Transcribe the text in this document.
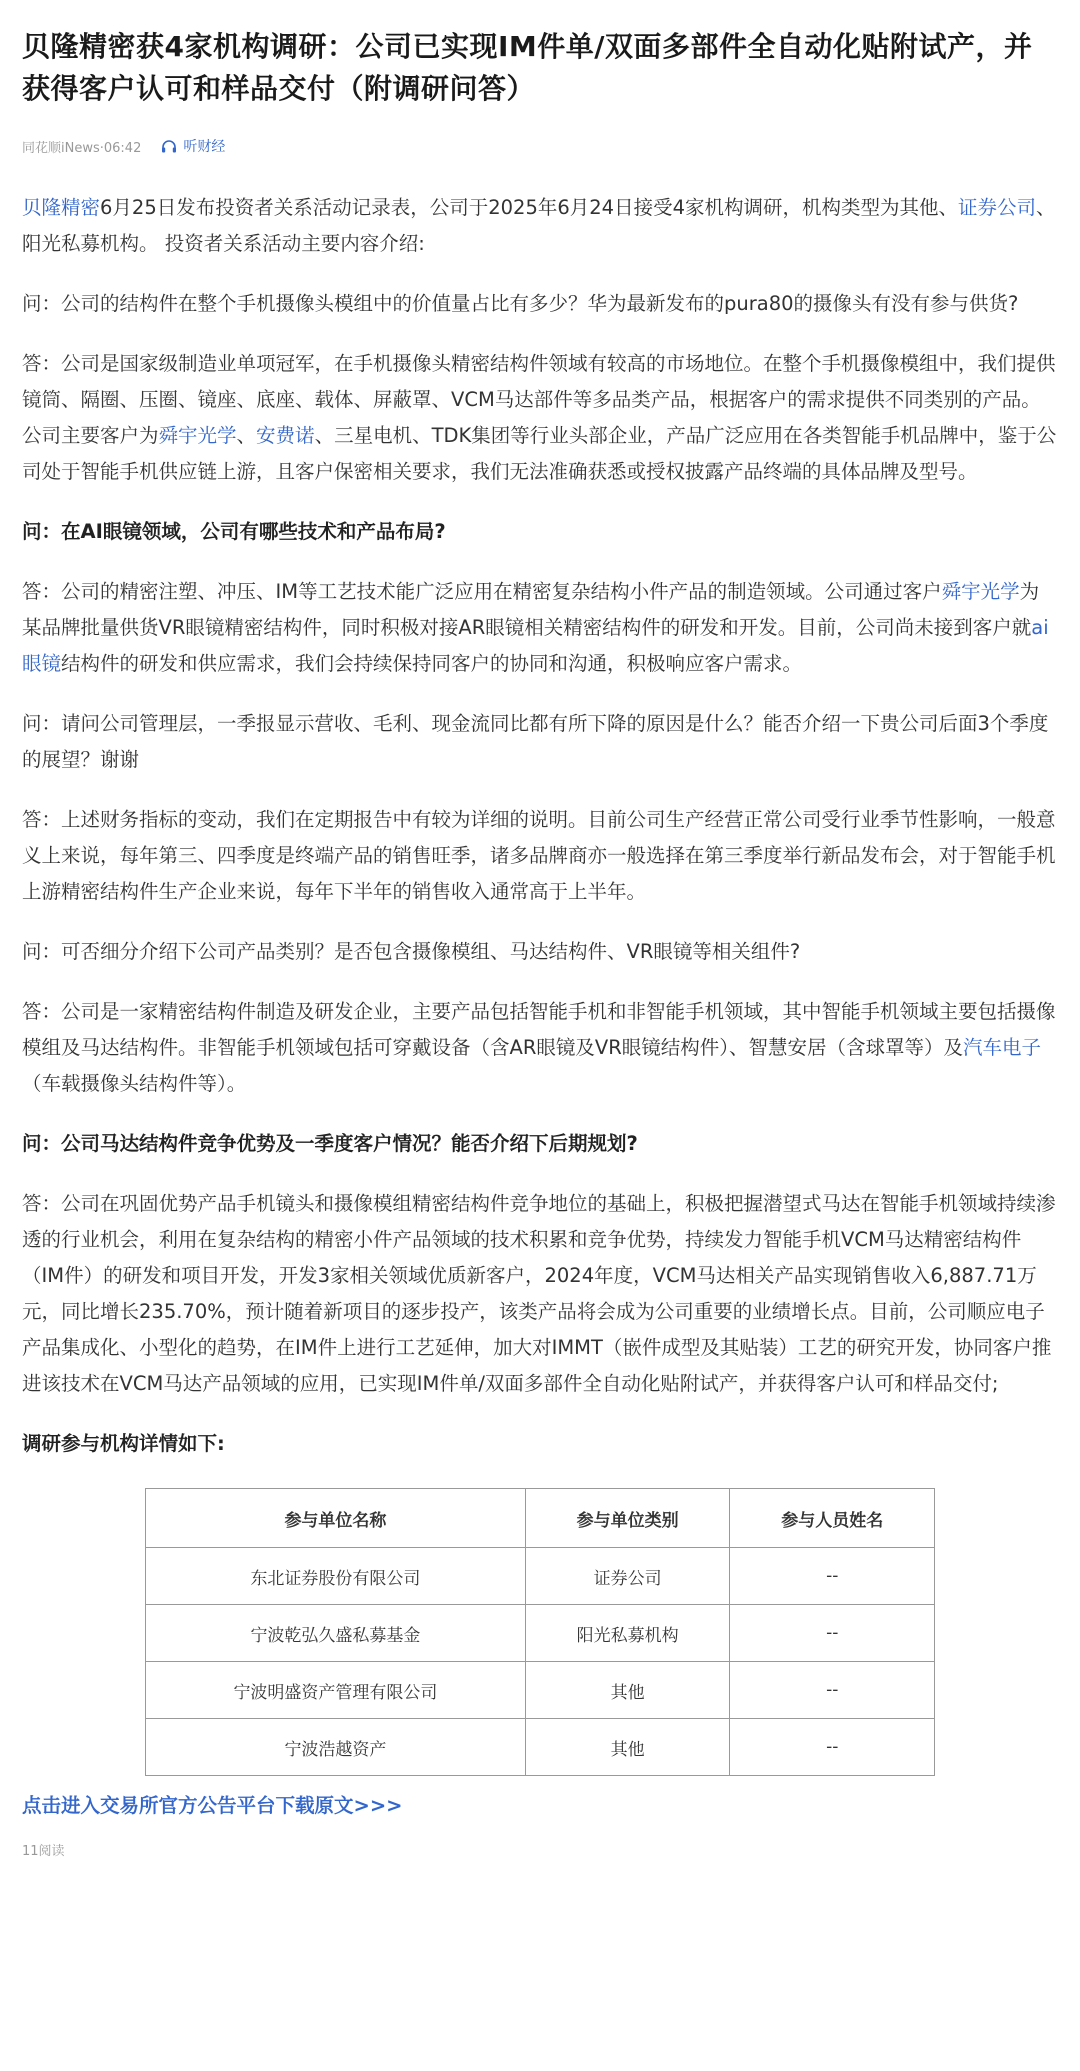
贝隆精密获4家机构调研：公司已实现IM件单/双面多部件全自动化贴附试产，并获得客户认可和样品交付（附调研问答）
同花顺iNews·06:42	听财经

贝隆精密6月25日发布投资者关系活动记录表，公司于2025年6月24日接受4家机构调研，机构类型为其他、证券公司、阳光私募机构。 投资者关系活动主要内容介绍:

问：公司的结构件在整个手机摄像头模组中的价值量占比有多少？华为最新发布的pura80的摄像头有没有参与供货?

答：公司是国家级制造业单项冠军，在手机摄像头精密结构件领域有较高的市场地位。在整个手机摄像模组中，我们提供镜筒、隔圈、压圈、镜座、底座、载体、屏蔽罩、VCM马达部件等多品类产品，根据客户的需求提供不同类别的产品。公司主要客户为舜宇光学、安费诺、三星电机、TDK集团等行业头部企业，产品广泛应用在各类智能手机品牌中，鉴于公司处于智能手机供应链上游，且客户保密相关要求，我们无法准确获悉或授权披露产品终端的具体品牌及型号。

问：在AI眼镜领域，公司有哪些技术和产品布局?

答：公司的精密注塑、冲压、IM等工艺技术能广泛应用在精密复杂结构小件产品的制造领域。公司通过客户舜宇光学为某品牌批量供货VR眼镜精密结构件，同时积极对接AR眼镜相关精密结构件的研发和开发。目前，公司尚未接到客户就ai眼镜结构件的研发和供应需求，我们会持续保持同客户的协同和沟通，积极响应客户需求。

问：请问公司管理层，一季报显示营收、毛利、现金流同比都有所下降的原因是什么？能否介绍一下贵公司后面3个季度的展望？谢谢

答：上述财务指标的变动，我们在定期报告中有较为详细的说明。目前公司生产经营正常公司受行业季节性影响，一般意义上来说，每年第三、四季度是终端产品的销售旺季，诸多品牌商亦一般选择在第三季度举行新品发布会，对于智能手机上游精密结构件生产企业来说，每年下半年的销售收入通常高于上半年。

问：可否细分介绍下公司产品类别？是否包含摄像模组、马达结构件、VR眼镜等相关组件?

答：公司是一家精密结构件制造及研发企业，主要产品包括智能手机和非智能手机领域，其中智能手机领域主要包括摄像模组及马达结构件。非智能手机领域包括可穿戴设备（含AR眼镜及VR眼镜结构件）、智慧安居（含球罩等）及汽车电子（车载摄像头结构件等）。

问：公司马达结构件竞争优势及一季度客户情况？能否介绍下后期规划?

答：公司在巩固优势产品手机镜头和摄像模组精密结构件竞争地位的基础上，积极把握潜望式马达在智能手机领域持续渗透的行业机会，利用在复杂结构的精密小件产品领域的技术积累和竞争优势，持续发力智能手机VCM马达精密结构件（IM件）的研发和项目开发，开发3家相关领域优质新客户，2024年度，VCM马达相关产品实现销售收入6,887.71万元，同比增长235.70%，预计随着新项目的逐步投产，该类产品将会成为公司重要的业绩增长点。目前，公司顺应电子产品集成化、小型化的趋势，在IM件上进行工艺延伸，加大对IMMT（嵌件成型及其贴装）工艺的研究开发，协同客户推进该技术在VCM马达产品领域的应用，已实现IM件单/双面多部件全自动化贴附试产，并获得客户认可和样品交付;

调研参与机构详情如下:

参与单位名称	参与单位类别	参与人员姓名
东北证券股份有限公司	证券公司	--
宁波乾弘久盛私募基金	阳光私募机构	--
宁波明盛资产管理有限公司	其他	--
宁波浩越资产	其他	--
点击进入交易所官方公告平台下载原文>>>
11阅读
